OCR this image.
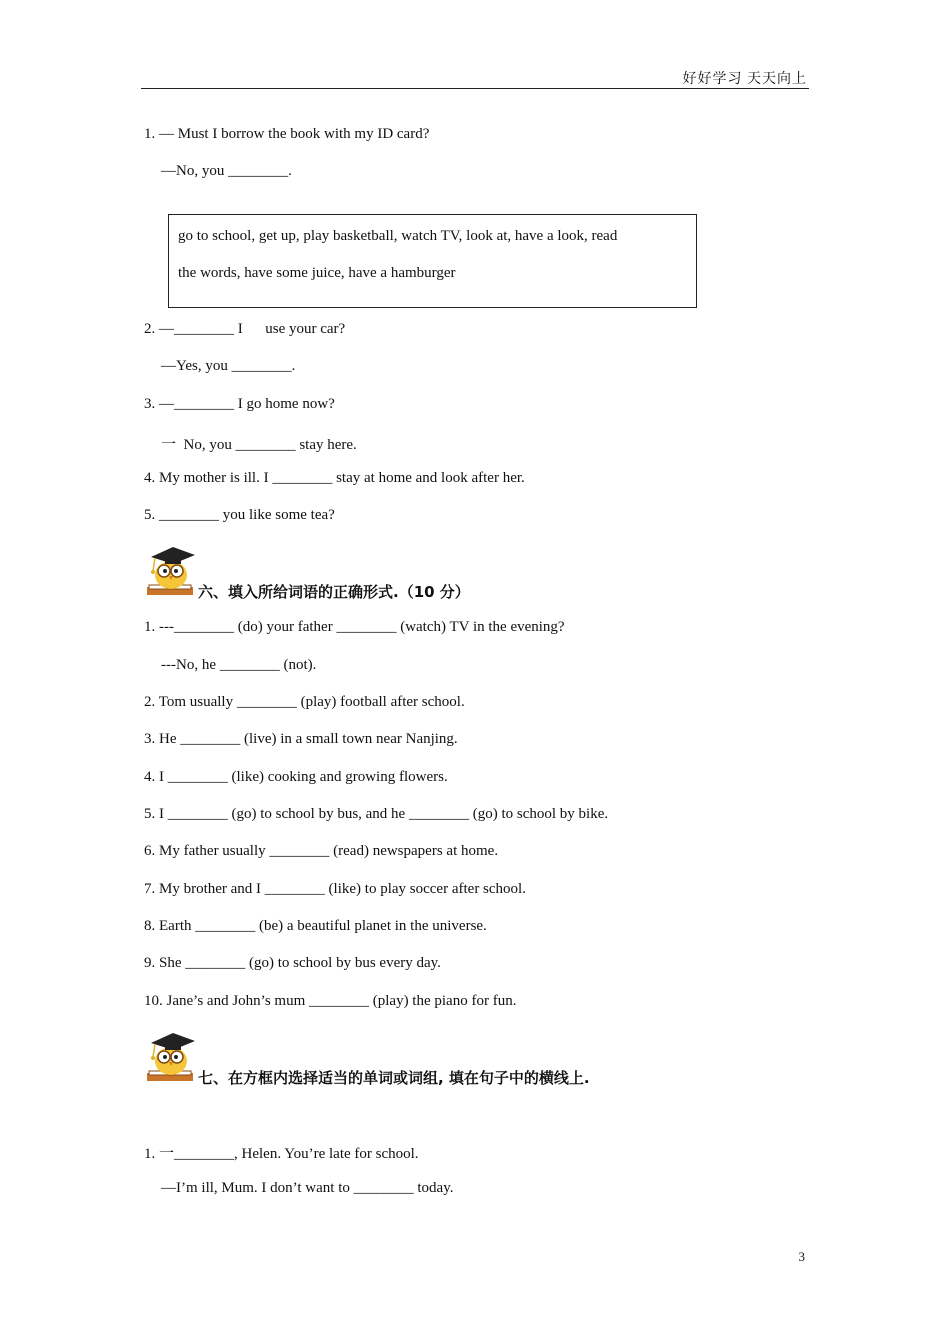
好好学习 天天向上
1. — Must I borrow the book with my ID card?
—No, you ________.
go to school, get up, play basketball, watch TV, look at, have a look, read
the words, have some juice, have a hamburger
2. —________ I      use your car?
—Yes, you ________.
3. —________ I go home now?
一  No, you ________ stay here.
4. My mother is ill. I ________ stay at home and look after her.
5. ________ you like some tea?
六、填入所给词语的正确形式.（10 分）
1. ---________ (do) your father ________ (watch) TV in the evening?
---No, he ________ (not).
2. Tom usually ________ (play) football after school.
3. He ________ (live) in a small town near Nanjing.
4. I ________ (like) cooking and growing flowers.
5. I ________ (go) to school by bus, and he ________ (go) to school by bike.
6. My father usually ________ (read) newspapers at home.
7. My brother and I ________ (like) to play soccer after school.
8. Earth ________ (be) a beautiful planet in the universe.
9. She ________ (go) to school by bus every day.
10. Jane’s and John’s mum ________ (play) the piano for fun.
七、在方框内选择适当的单词或词组, 填在句子中的横线上.
1. 一________, Helen. You’re late for school.
—I’m ill, Mum. I don’t want to ________ today.
3
